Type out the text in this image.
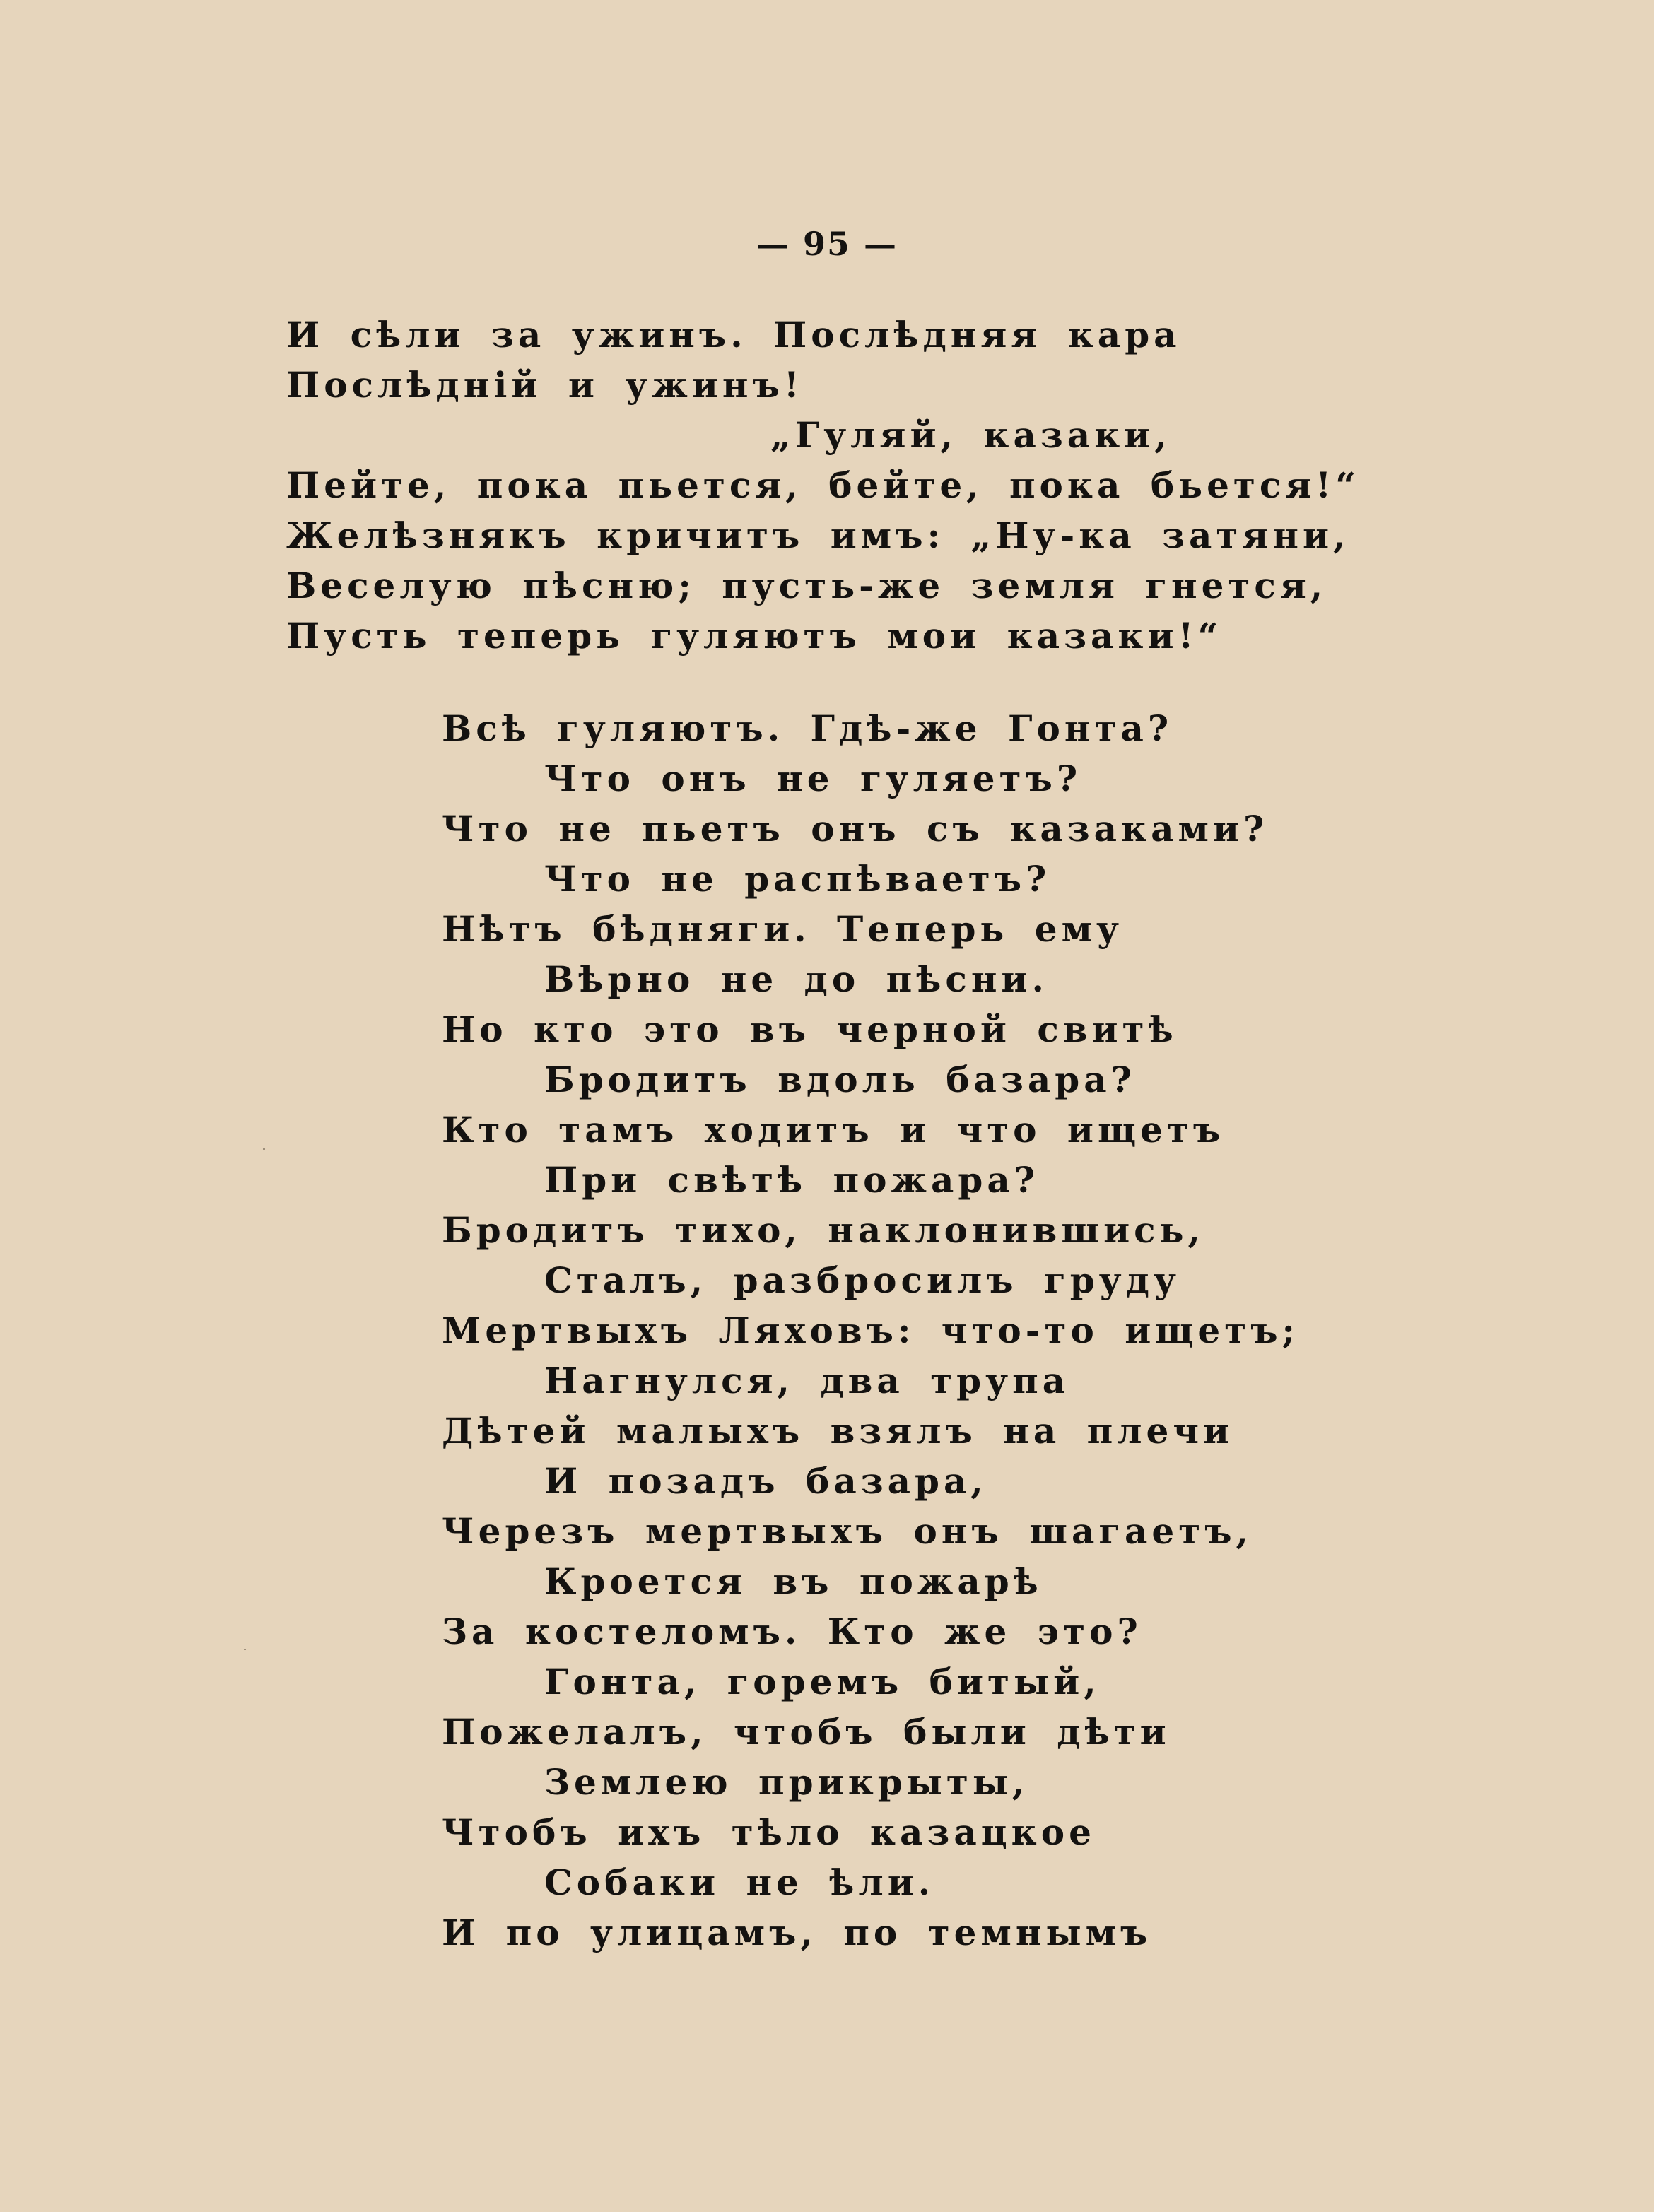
— 95 —
И сѣли за ужинъ. Послѣдняя кара
Послѣдній и ужинъ!
„Гуляй, казаки,
Пейте, пока пьется, бейте, пока бьется!“
Желѣзнякъ кричитъ имъ: „Ну-ка затяни,
Веселую пѣсню; пусть-же земля гнется,
Пусть теперь гуляютъ мои казаки!“
Всѣ гуляютъ. Гдѣ-же Гонта?
Что онъ не гуляетъ?
Что не пьетъ онъ съ казаками?
Что не распѣваетъ?
Нѣтъ бѣдняги. Теперь ему
Вѣрно не до пѣсни.
Но кто это въ черной свитѣ
Бродитъ вдоль базара?
Кто тамъ ходитъ и что ищетъ
При свѣтѣ пожара?
Бродитъ тихо, наклонившись,
Сталъ, разбросилъ груду
Мертвыхъ Ляховъ: что-то ищетъ;
Нагнулся, два трупа
Дѣтей малыхъ взялъ на плечи
И позадъ базара,
Черезъ мертвыхъ онъ шагаетъ,
Кроется въ пожарѣ
За костеломъ. Кто же это?
Гонта, горемъ битый,
Пожелалъ, чтобъ были дѣти
Землею прикрыты,
Чтобъ ихъ тѣло казацкое
Собаки не ѣли.
И по улицамъ, по темнымъ
